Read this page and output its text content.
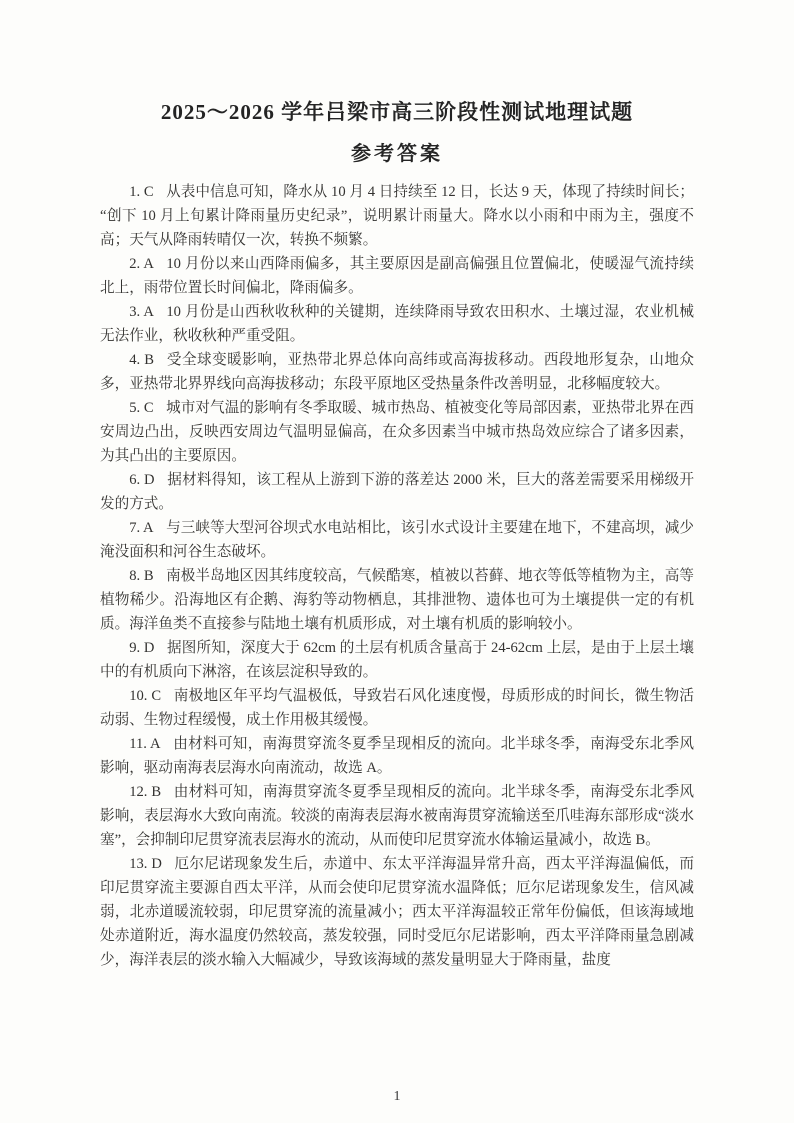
2025～2026 学年吕梁市高三阶段性测试地理试题
参考答案

1. C 从表中信息可知，降水从 10 月 4 日持续至 12 日，长达 9 天，体现了持续时间长；“创下 10 月上旬累计降雨量历史纪录”，说明累计雨量大。降水以小雨和中雨为主，强度不高；天气从降雨转晴仅一次，转换不频繁。

2. A 10 月份以来山西降雨偏多，其主要原因是副高偏强且位置偏北，使暖湿气流持续北上，雨带位置长时间偏北，降雨偏多。

3. A 10 月份是山西秋收秋种的关键期，连续降雨导致农田积水、土壤过湿，农业机械无法作业，秋收秋种严重受阻。

4. B 受全球变暖影响，亚热带北界总体向高纬或高海拔移动。西段地形复杂，山地众多，亚热带北界界线向高海拔移动；东段平原地区受热量条件改善明显，北移幅度较大。

5. C 城市对气温的影响有冬季取暖、城市热岛、植被变化等局部因素，亚热带北界在西安周边凸出，反映西安周边气温明显偏高，在众多因素当中城市热岛效应综合了诸多因素，为其凸出的主要原因。

6. D 据材料得知，该工程从上游到下游的落差达 2000 米，巨大的落差需要采用梯级开发的方式。

7. A 与三峡等大型河谷坝式水电站相比，该引水式设计主要建在地下，不建高坝，减少淹没面积和河谷生态破坏。

8. B 南极半岛地区因其纬度较高，气候酷寒，植被以苔藓、地衣等低等植物为主，高等植物稀少。沿海地区有企鹅、海豹等动物栖息，其排泄物、遗体也可为土壤提供一定的有机质。海洋鱼类不直接参与陆地土壤有机质形成，对土壤有机质的影响较小。

9. D 据图所知，深度大于 62cm 的土层有机质含量高于 24-62cm 上层，是由于上层土壤中的有机质向下淋溶，在该层淀积导致的。

10. C 南极地区年平均气温极低，导致岩石风化速度慢，母质形成的时间长，微生物活动弱、生物过程缓慢，成土作用极其缓慢。

11. A 由材料可知，南海贯穿流冬夏季呈现相反的流向。北半球冬季，南海受东北季风影响，驱动南海表层海水向南流动，故选 A。

12. B 由材料可知，南海贯穿流冬夏季呈现相反的流向。北半球冬季，南海受东北季风影响，表层海水大致向南流。较淡的南海表层海水被南海贯穿流输送至爪哇海东部形成“淡水塞”，会抑制印尼贯穿流表层海水的流动，从而使印尼贯穿流水体输运量减小，故选 B。

13. D 厄尔尼诺现象发生后，赤道中、东太平洋海温异常升高，西太平洋海温偏低，而印尼贯穿流主要源自西太平洋，从而会使印尼贯穿流水温降低；厄尔尼诺现象发生，信风减弱，北赤道暖流较弱，印尼贯穿流的流量减小；西太平洋海温较正常年份偏低，但该海域地处赤道附近，海水温度仍然较高，蒸发较强，同时受厄尔尼诺影响，西太平洋降雨量急剧减少，海洋表层的淡水输入大幅减少，导致该海域的蒸发量明显大于降雨量，盐度

1
